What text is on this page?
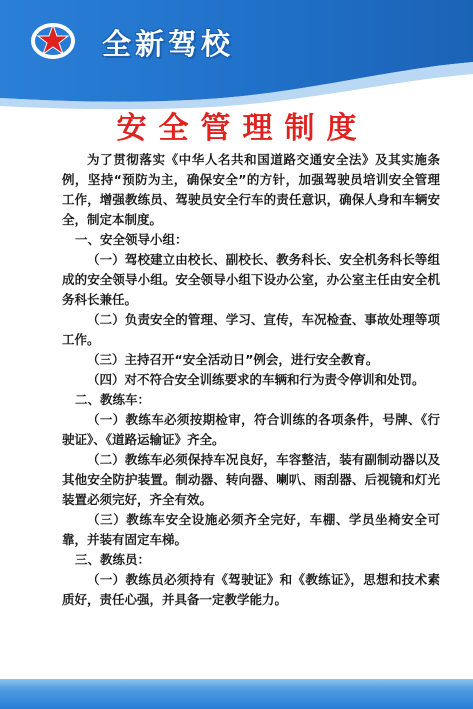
全新驾校
安全管理制度

为了贯彻落实《中华人名共和国道路交通安全法》及其实施条例，坚持“预防为主，确保安全”的方针，加强驾驶员培训安全管理工作，增强教练员、驾驶员安全行车的责任意识，确保人身和车辆安全，制定本制度。

一、安全领导小组：

（一）驾校建立由校长、副校长、教务科长、安全机务科长等组成的安全领导小组。安全领导小组下设办公室，办公室主任由安全机务科长兼任。

（二）负责安全的管理、学习、宣传，车况检查、事故处理等项工作。

（三）主持召开“安全活动日”例会，进行安全教育。

（四）对不符合安全训练要求的车辆和行为责令停训和处罚。

二、教练车：

（一）教练车必须按期检审，符合训练的各项条件，号牌、《行驶证》、《道路运输证》齐全。

（二）教练车必须保持车况良好，车容整洁，装有副制动器以及其他安全防护装置。制动器、转向器、喇叭、雨刮器、后视镜和灯光装置必须完好，齐全有效。

（三）教练车安全设施必须齐全完好，车棚、学员坐椅安全可靠，并装有固定车梯。

三、教练员：

（一）教练员必须持有《驾驶证》和《教练证》，思想和技术素质好，责任心强，并具备一定教学能力。
